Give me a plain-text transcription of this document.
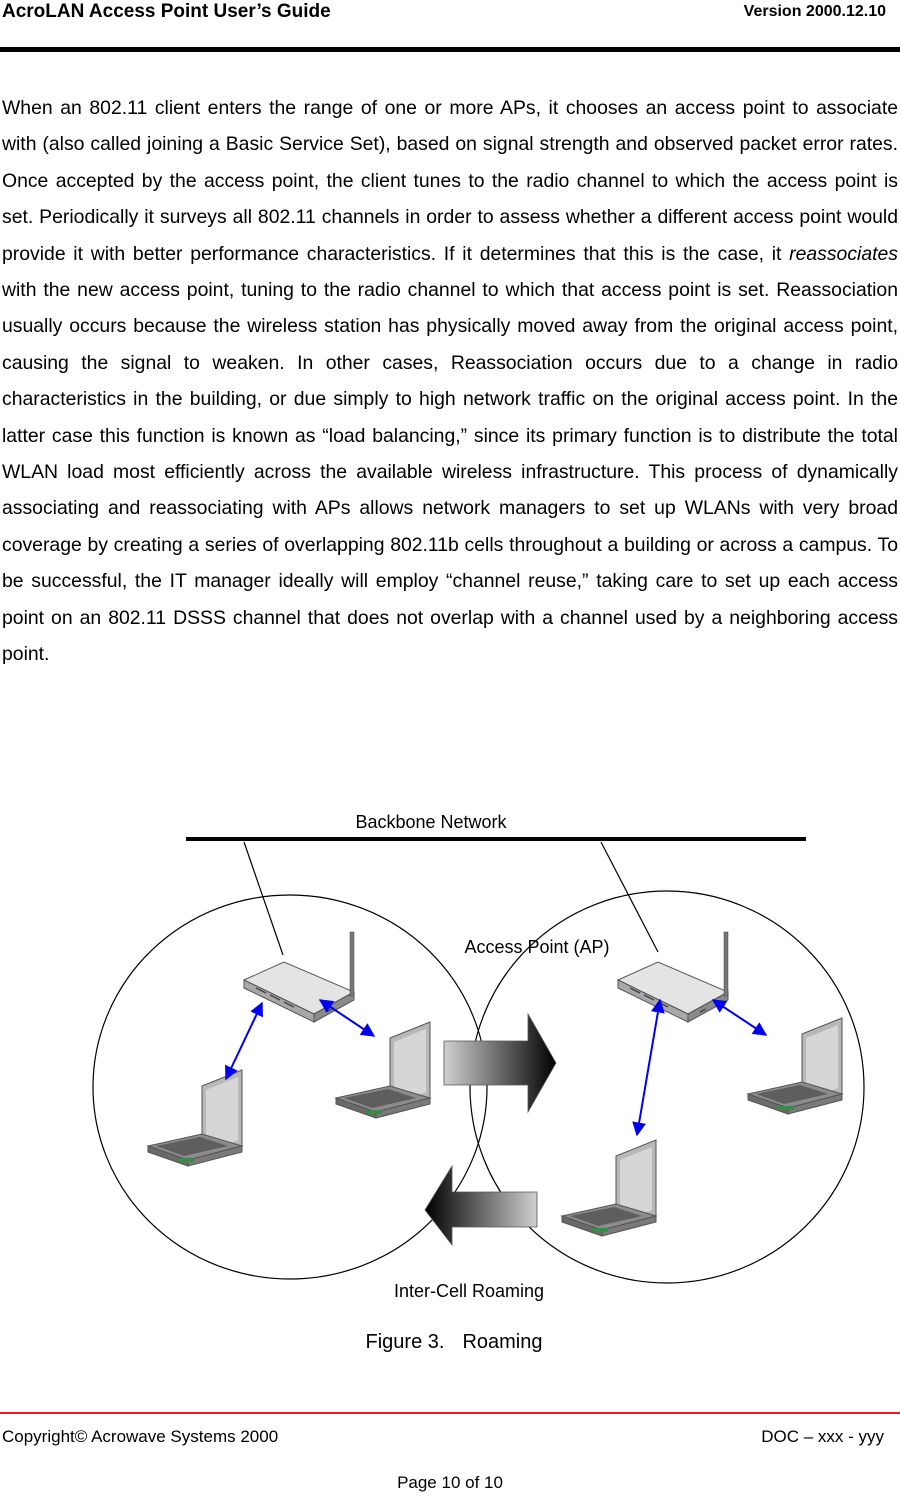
AcroLAN Access Point User’s Guide	Version 2000.12.10

When an 802.11 client enters the range of one or more APs, it chooses an access point to associate with (also called joining a Basic Service Set), based on signal strength and observed packet error rates. Once accepted by the access point, the client tunes to the radio channel to which the access point is set. Periodically it surveys all 802.11 channels in order to assess whether a different access point would provide it with better performance characteristics. If it determines that this is the case, it reassociates with the new access point, tuning to the radio channel to which that access point is set. Reassociation usually occurs because the wireless station has physically moved away from the original access point, causing the signal to weaken. In other cases, Reassociation occurs due to a change in radio characteristics in the building, or due simply to high network traffic on the original access point. In the latter case this function is known as “load balancing,” since its primary function is to distribute the total WLAN load most efficiently across the available wireless infrastructure. This process of dynamically associating and reassociating with APs allows network managers to set up WLANs with very broad coverage by creating a series of overlapping 802.11b cells throughout a building or across a campus. To be successful, the IT manager ideally will employ “channel reuse,” taking care to set up each access point on an 802.11 DSSS channel that does not overlap with a channel used by a neighboring access point.

Backbone Network
Access Point (AP)
Inter-Cell Roaming
Figure 3. Roaming
Copyright© Acrowave Systems 2000	DOC – xxx - yyy
Page 10 of 10
